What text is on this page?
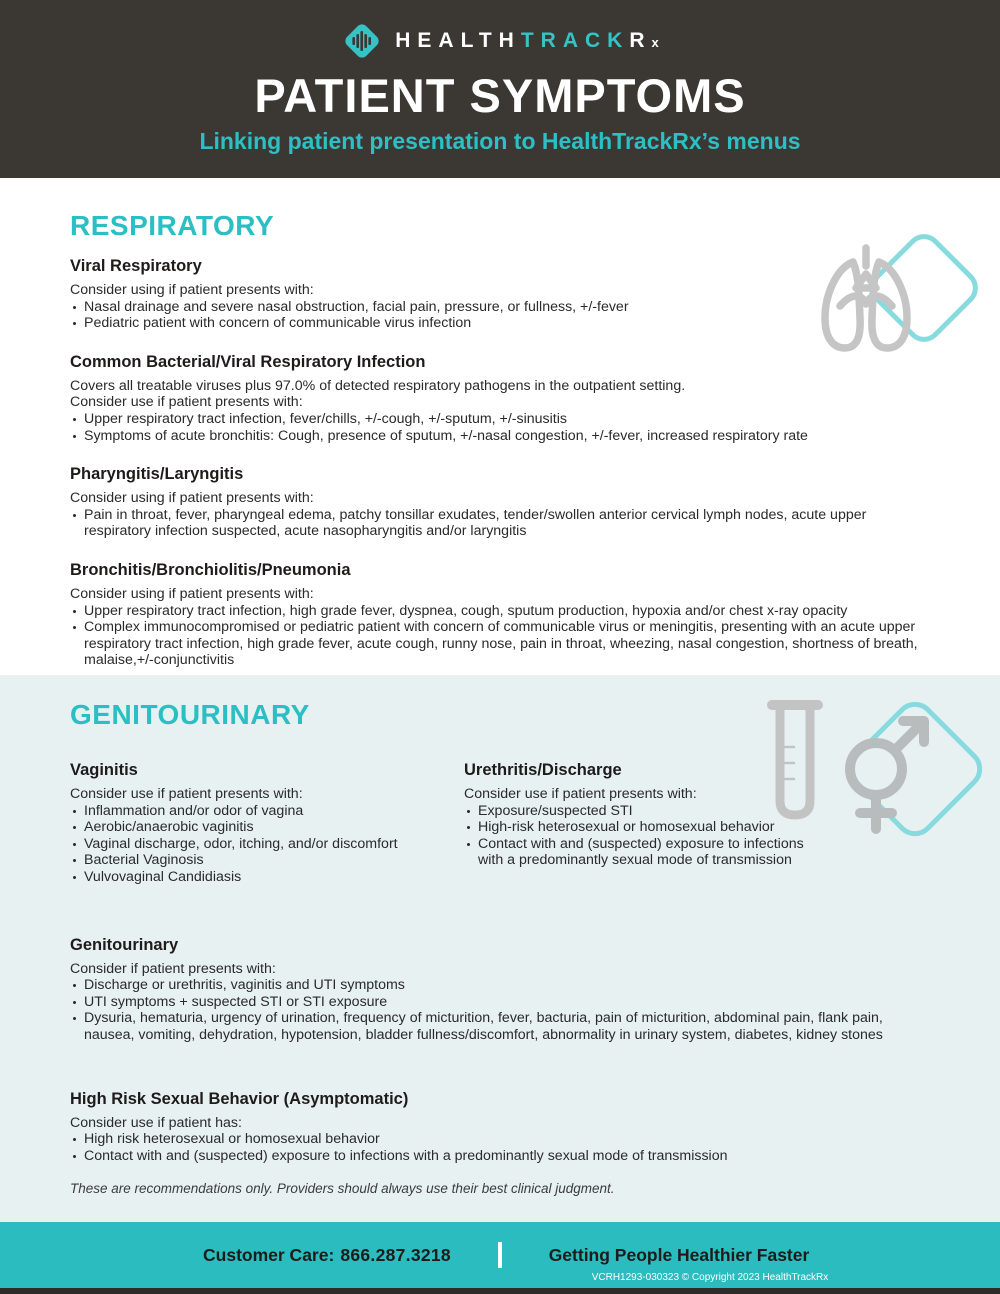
HEALTHTRACKRx
PATIENT SYMPTOMS
Linking patient presentation to HealthTrackRx’s menus
RESPIRATORY
Viral Respiratory

Consider using if patient presents with:

Nasal drainage and severe nasal obstruction, facial pain, pressure, or fullness, +/-fever
Pediatric patient with concern of communicable virus infection
Common Bacterial/Viral Respiratory Infection

Covers all treatable viruses plus 97.0% of detected respiratory pathogens in the outpatient setting.

Consider use if patient presents with:

Upper respiratory tract infection, fever/chills, +/-cough, +/-sputum, +/-sinusitis
Symptoms of acute bronchitis: Cough, presence of sputum, +/-nasal congestion, +/-fever, increased respiratory rate
Pharyngitis/Laryngitis

Consider using if patient presents with:

Pain in throat, fever, pharyngeal edema, patchy tonsillar exudates, tender/swollen anterior cervical lymph nodes, acute upper respiratory infection suspected, acute nasopharyngitis and/or laryngitis
Bronchitis/Bronchiolitis/Pneumonia

Consider using if patient presents with:

Upper respiratory tract infection, high grade fever, dyspnea, cough, sputum production, hypoxia and/or chest x-ray opacity
Complex immunocompromised or pediatric patient with concern of communicable virus or meningitis, presenting with an acute upper respiratory tract infection, high grade fever, acute cough, runny nose, pain in throat, wheezing, nasal congestion, shortness of breath, malaise,+/-conjunctivitis
GENITOURINARY
Vaginitis

Consider use if patient presents with:

Inflammation and/or odor of vagina
Aerobic/anaerobic vaginitis
Vaginal discharge, odor, itching, and/or discomfort
Bacterial Vaginosis
Vulvovaginal Candidiasis
Urethritis/Discharge

Consider use if patient presents with:

Exposure/suspected STI
High-risk heterosexual or homosexual behavior
Contact with and (suspected) exposure to infections with a predominantly sexual mode of transmission
Genitourinary

Consider if patient presents with:

Discharge or urethritis, vaginitis and UTI symptoms
UTI symptoms + suspected STI or STI exposure
Dysuria, hematuria, urgency of urination, frequency of micturition, fever, bacturia, pain of micturition, abdominal pain, flank pain, nausea, vomiting, dehydration, hypotension, bladder fullness/discomfort, abnormality in urinary system, diabetes, kidney stones
High Risk Sexual Behavior (Asymptomatic)

Consider use if patient has:

High risk heterosexual or homosexual behavior
Contact with and (suspected) exposure to infections with a predominantly sexual mode of transmission
These are recommendations only. Providers should always use their best clinical judgment.
Customer Care: 866.287.3218	Getting People Healthier Faster
VCRH1293-030323 © Copyright 2023 HealthTrackRx
